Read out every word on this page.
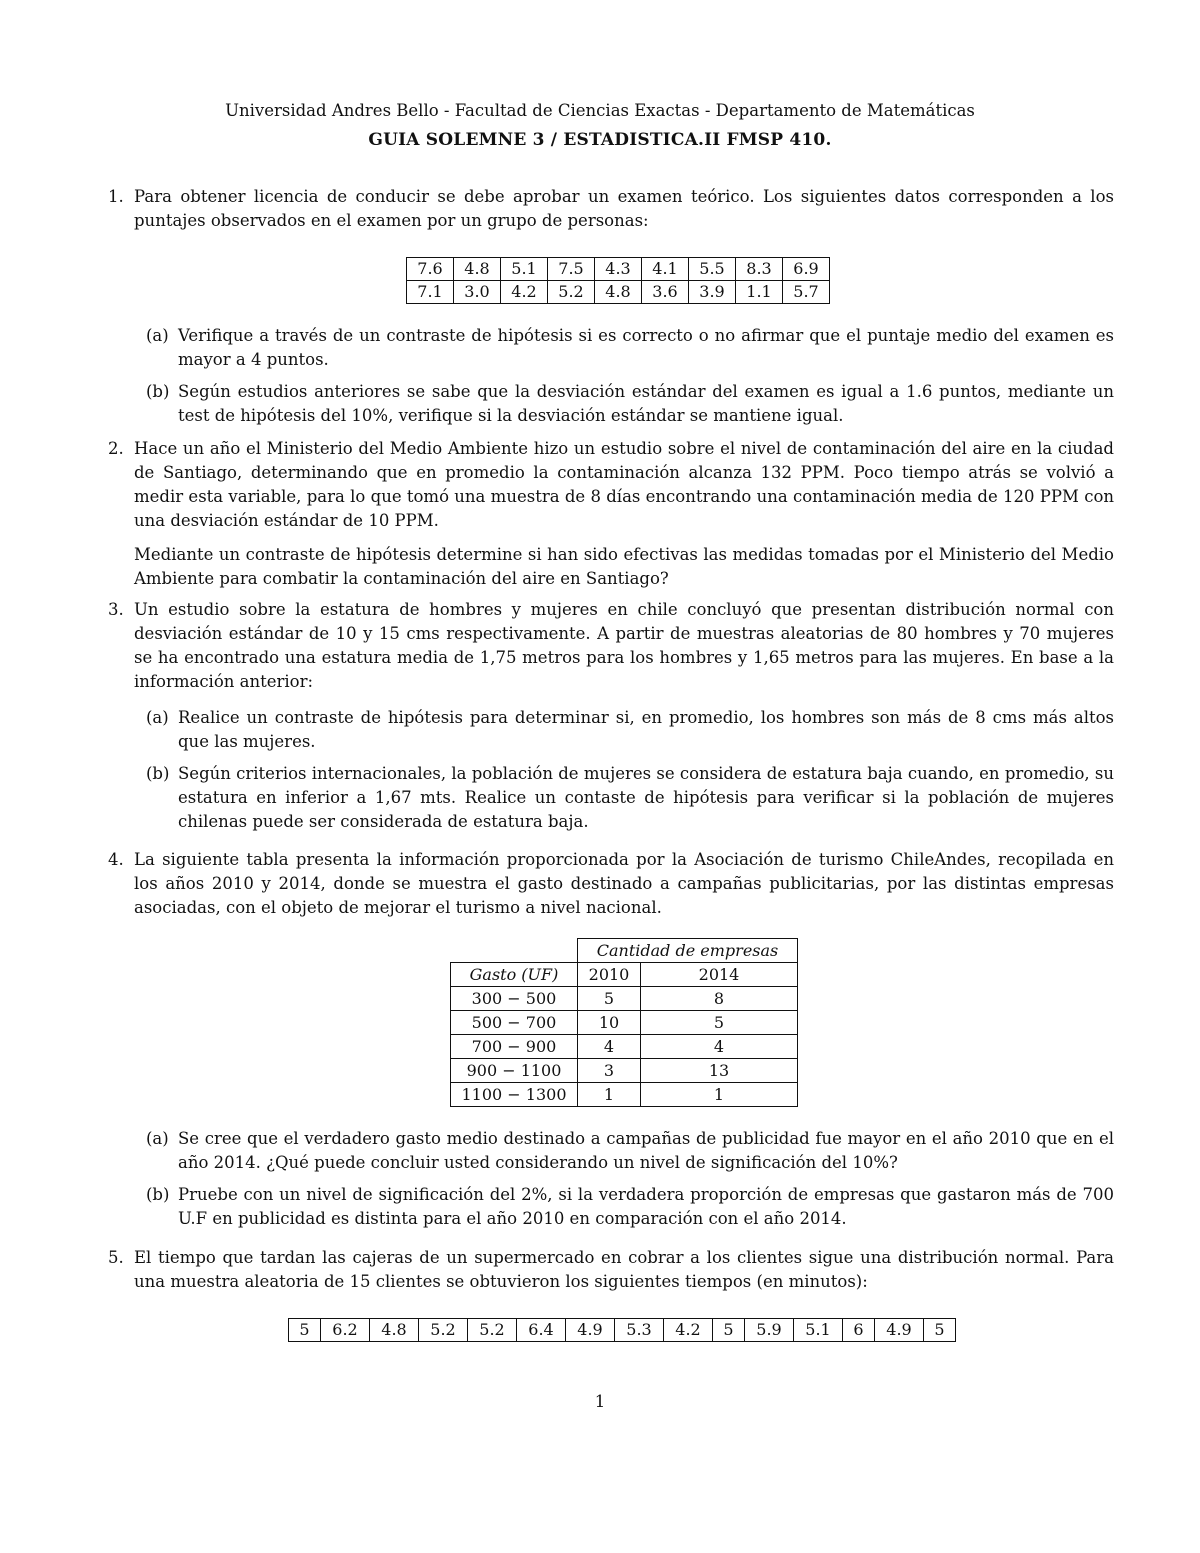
Universidad Andres Bello - Facultad de Ciencias Exactas - Departamento de Matemáticas
GUIA SOLEMNE 3 / ESTADISTICA.II FMSP 410.
1. Para obtener licencia de conducir se debe aprobar un examen teórico. Los siguientes datos corresponden a los puntajes observados en el examen por un grupo de personas:

7.6	4.8	5.1	7.5	4.3	4.1	5.5	8.3	6.9
7.1	3.0	4.2	5.2	4.8	3.6	3.9	1.1	5.7
(a) Verifique a través de un contraste de hipótesis si es correcto o no afirmar que el puntaje medio del examen es mayor a 4 puntos.
(b) Según estudios anteriores se sabe que la desviación estándar del examen es igual a 1.6 puntos, mediante un test de hipótesis del 10%, verifique si la desviación estándar se mantiene igual.
2. Hace un año el Ministerio del Medio Ambiente hizo un estudio sobre el nivel de contaminación del aire en la ciudad de Santiago, determinando que en promedio la contaminación alcanza 132 PPM. Poco tiempo atrás se volvió a medir esta variable, para lo que tomó una muestra de 8 días encontrando una contaminación media de 120 PPM con una desviación estándar de 10 PPM.

Mediante un contraste de hipótesis determine si han sido efectivas las medidas tomadas por el Ministerio del Medio Ambiente para combatir la contaminación del aire en Santiago?

3. Un estudio sobre la estatura de hombres y mujeres en chile concluyó que presentan distribución normal con desviación estándar de 10 y 15 cms respectivamente. A partir de muestras aleatorias de 80 hombres y 70 mujeres se ha encontrado una estatura media de 1,75 metros para los hombres y 1,65 metros para las mujeres. En base a la información anterior:

(a) Realice un contraste de hipótesis para determinar si, en promedio, los hombres son más de 8 cms más altos que las mujeres.
(b) Según criterios internacionales, la población de mujeres se considera de estatura baja cuando, en promedio, su estatura en inferior a 1,67 mts. Realice un contaste de hipótesis para verificar si la población de mujeres chilenas puede ser considerada de estatura baja.
4. La siguiente tabla presenta la información proporcionada por la Asociación de turismo ChileAndes, recopilada en los años 2010 y 2014, donde se muestra el gasto destinado a campañas publicitarias, por las distintas empresas asociadas, con el objeto de mejorar el turismo a nivel nacional.

	Cantidad de empresas	
Gasto (UF)	2010	2014
300 − 500	5	8
500 − 700	10	5
700 − 900	4	4
900 − 1100	3	13
1100 − 1300	1	1
(a) Se cree que el verdadero gasto medio destinado a campañas de publicidad fue mayor en el año 2010 que en el año 2014. ¿Qué puede concluir usted considerando un nivel de significación del 10%?
(b) Pruebe con un nivel de significación del 2%, si la verdadera proporción de empresas que gastaron más de 700 U.F en publicidad es distinta para el año 2010 en comparación con el año 2014.
5. El tiempo que tardan las cajeras de un supermercado en cobrar a los clientes sigue una distribución normal. Para una muestra aleatoria de 15 clientes se obtuvieron los siguientes tiempos (en minutos):

5	6.2	4.8	5.2	5.2	6.4	4.9	5.3	4.2	5	5.9	5.1	6	4.9	5
1
